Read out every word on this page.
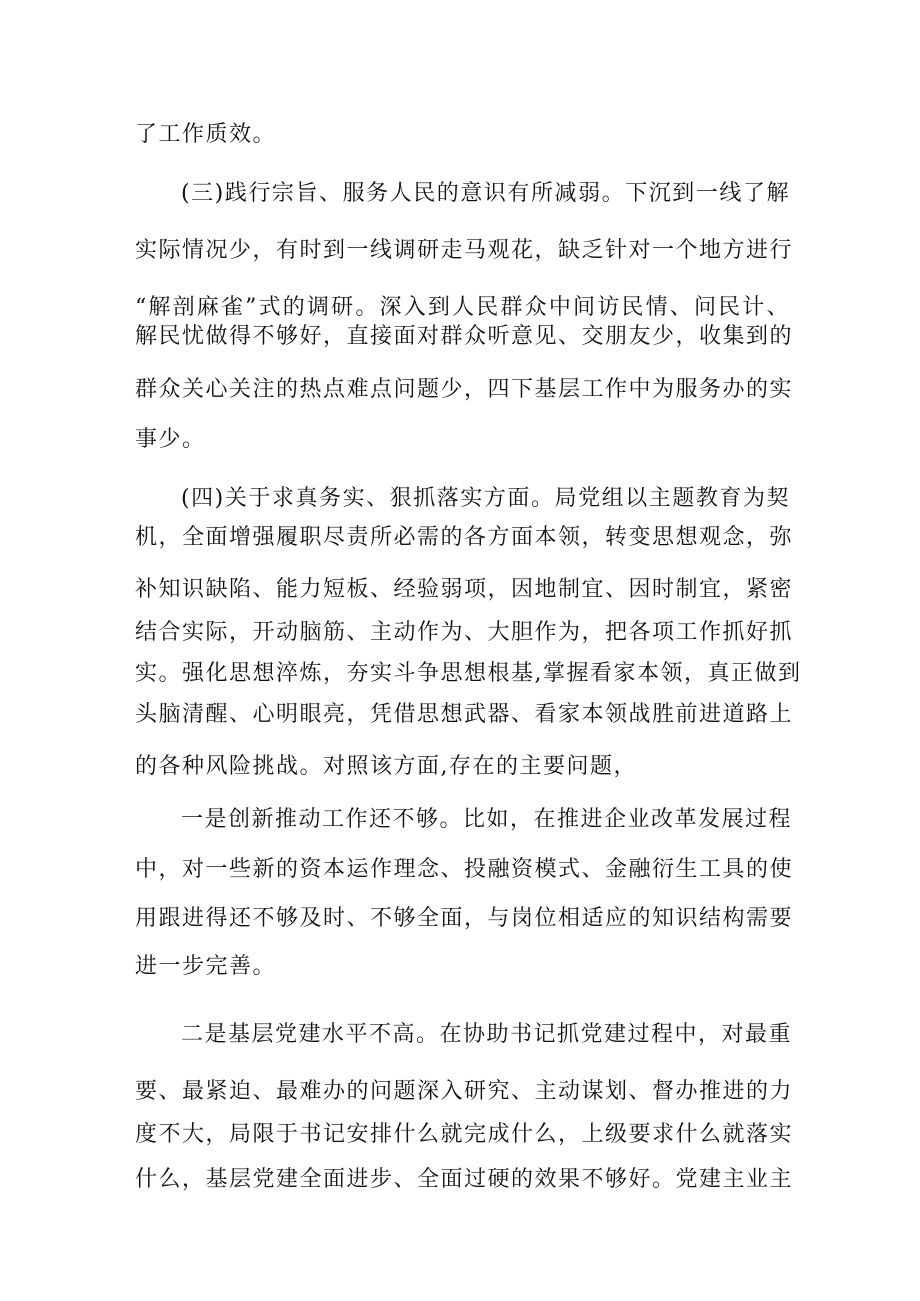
了工作质效。
(三)践行宗旨、服务人民的意识有所减弱。下沉到一线了解
实际情况少，有时到一线调研走马观花，缺乏针对一个地方进行
“解剖麻雀”式的调研。深入到人民群众中间访民情、问民计、
解民忧做得不够好，直接面对群众听意见、交朋友少，收集到的
群众关心关注的热点难点问题少，四下基层工作中为服务办的实
事少。
(四)关于求真务实、狠抓落实方面。局党组以主题教育为契
机，全面增强履职尽责所必需的各方面本领，转变思想观念，弥
补知识缺陷、能力短板、经验弱项，因地制宜、因时制宜，紧密
结合实际，开动脑筋、主动作为、大胆作为，把各项工作抓好抓
实。强化思想淬炼，夯实斗争思想根基,掌握看家本领，真正做到
头脑清醒、心明眼亮，凭借思想武器、看家本领战胜前进道路上
的各种风险挑战。对照该方面,存在的主要问题，
一是创新推动工作还不够。比如，在推进企业改革发展过程
中，对一些新的资本运作理念、投融资模式、金融衍生工具的使
用跟进得还不够及时、不够全面，与岗位相适应的知识结构需要
进一步完善。
二是基层党建水平不高。在协助书记抓党建过程中，对最重
要、最紧迫、最难办的问题深入研究、主动谋划、督办推进的力
度不大，局限于书记安排什么就完成什么，上级要求什么就落实
什么，基层党建全面进步、全面过硬的效果不够好。党建主业主
